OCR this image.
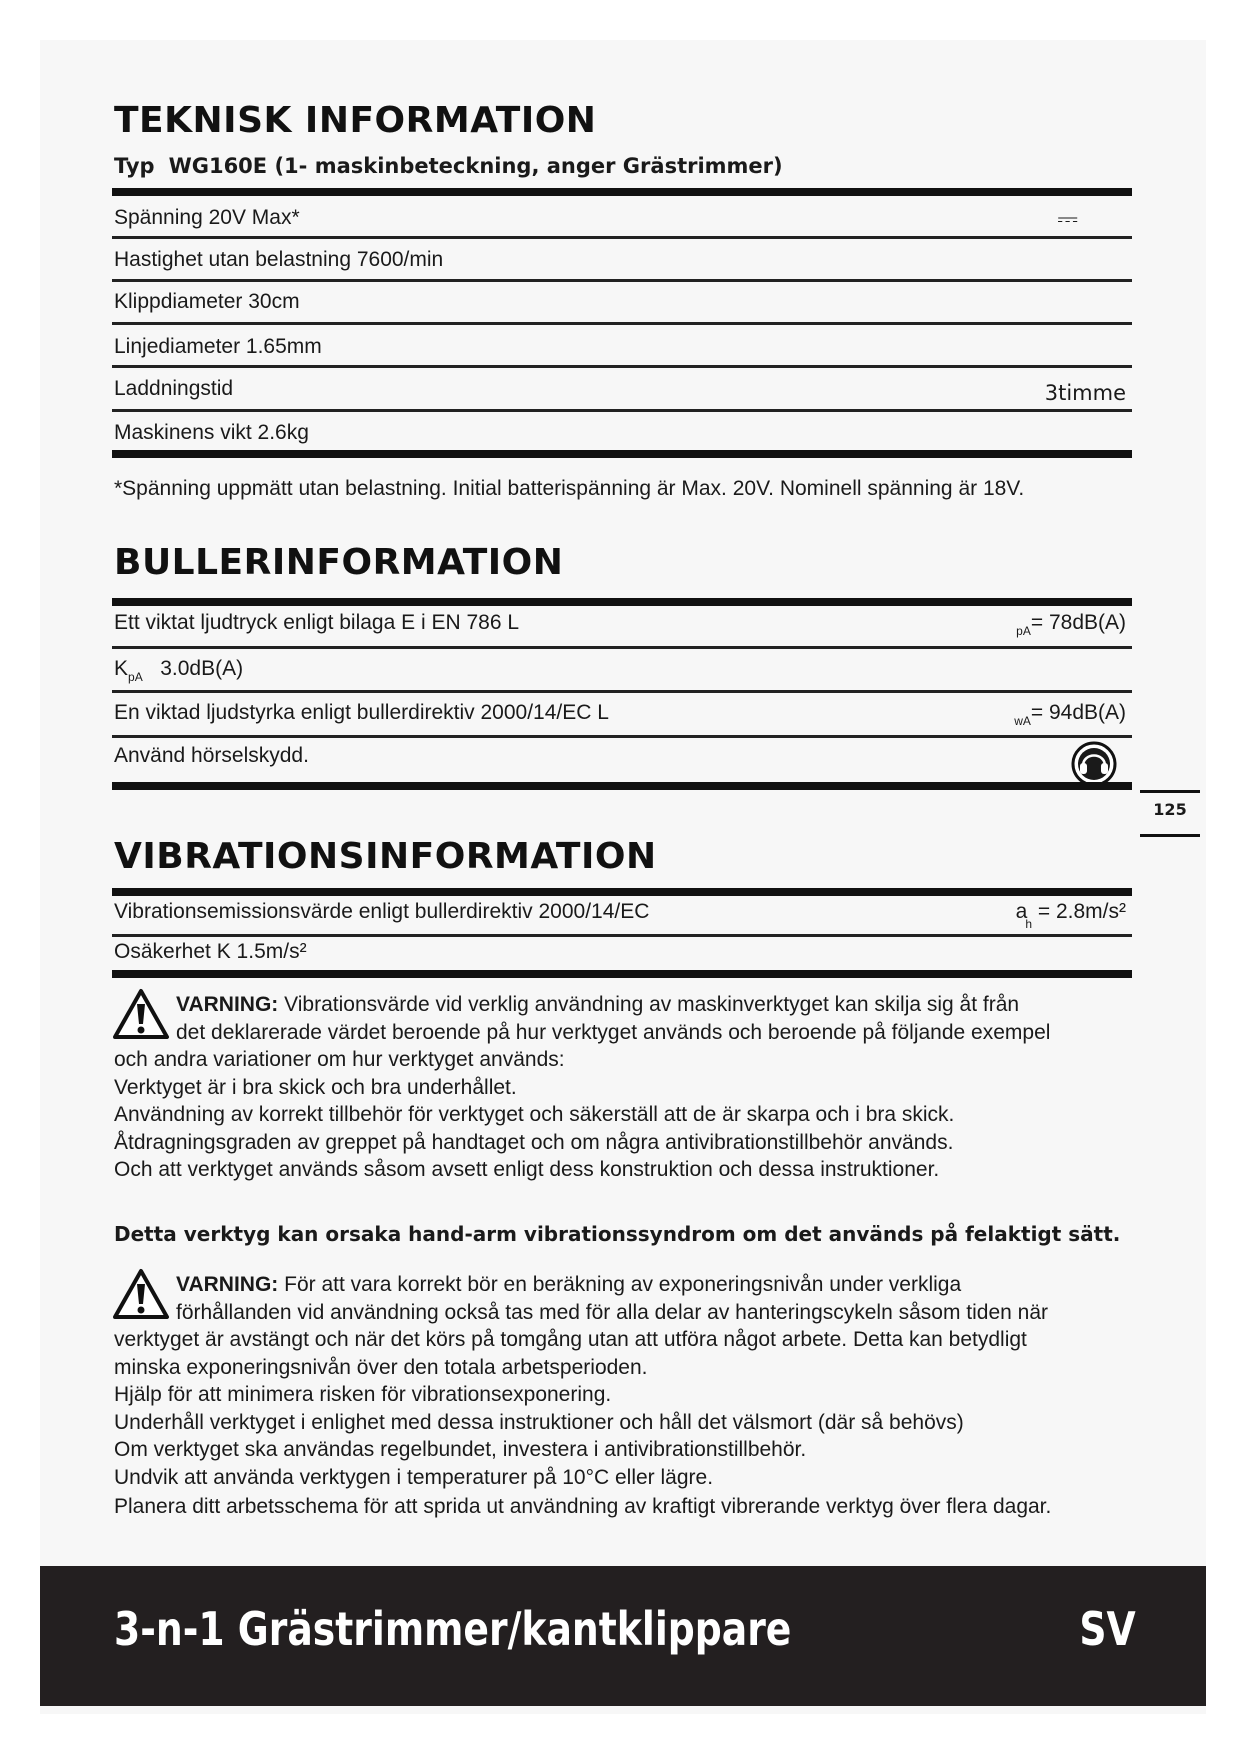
TEKNISK INFORMATION
Typ WG160E (1- maskinbeteckning, anger Grästrimmer)
Spänning 20V Max*	⎓
Hastighet utan belastning 7600/min
Klippdiameter 30cm
Linjediameter 1.65mm
Laddningstid	3timme
Maskinens vikt 2.6kg
*Spänning uppmätt utan belastning. Initial batterispänning är Max. 20V. Nominell spänning är 18V.
BULLERINFORMATION
Ett viktat ljudtryck enligt bilaga E i EN 786 L	$_{pA}$= 78dB(A)
$K_{pA}$ 3.0dB(A)
En viktad ljudstyrka enligt bullerdirektiv 2000/14/EC L	$_{wA}$= 94dB(A)
Använd hörselskydd.
125
VIBRATIONSINFORMATION
Vibrationsemissionsvärde enligt bullerdirektiv 2000/14/EC	$a_h = 2.8m/s^2$
Osäkerhet K 1.5m/s²
VARNING: Vibrationsvärde vid verklig användning av maskinverktyget kan skilja sig åt från
det deklarerade värdet beroende på hur verktyget används och beroende på följande exempel
och andra variationer om hur verktyget används:
Verktyget är i bra skick och bra underhållet.
Användning av korrekt tillbehör för verktyget och säkerställ att de är skarpa och i bra skick.
Åtdragningsgraden av greppet på handtaget och om några antivibrationstillbehör används.
Och att verktyget används såsom avsett enligt dess konstruktion och dessa instruktioner.
Detta verktyg kan orsaka hand-arm vibrationssyndrom om det används på felaktigt sätt.
VARNING: För att vara korrekt bör en beräkning av exponeringsnivån under verkliga
förhållanden vid användning också tas med för alla delar av hanteringscykeln såsom tiden när
verktyget är avstängt och när det körs på tomgång utan att utföra något arbete. Detta kan betydligt
minska exponeringsnivån över den totala arbetsperioden.
Hjälp för att minimera risken för vibrationsexponering.
Underhåll verktyget i enlighet med dessa instruktioner och håll det välsmort (där så behövs)
Om verktyget ska användas regelbundet, investera i antivibrationstillbehör.
Undvik att använda verktygen i temperaturer på 10°C eller lägre.
Planera ditt arbetsschema för att sprida ut användning av kraftigt vibrerande verktyg över flera dagar.
3-n-1 Grästrimmer/kantklippare	SV
